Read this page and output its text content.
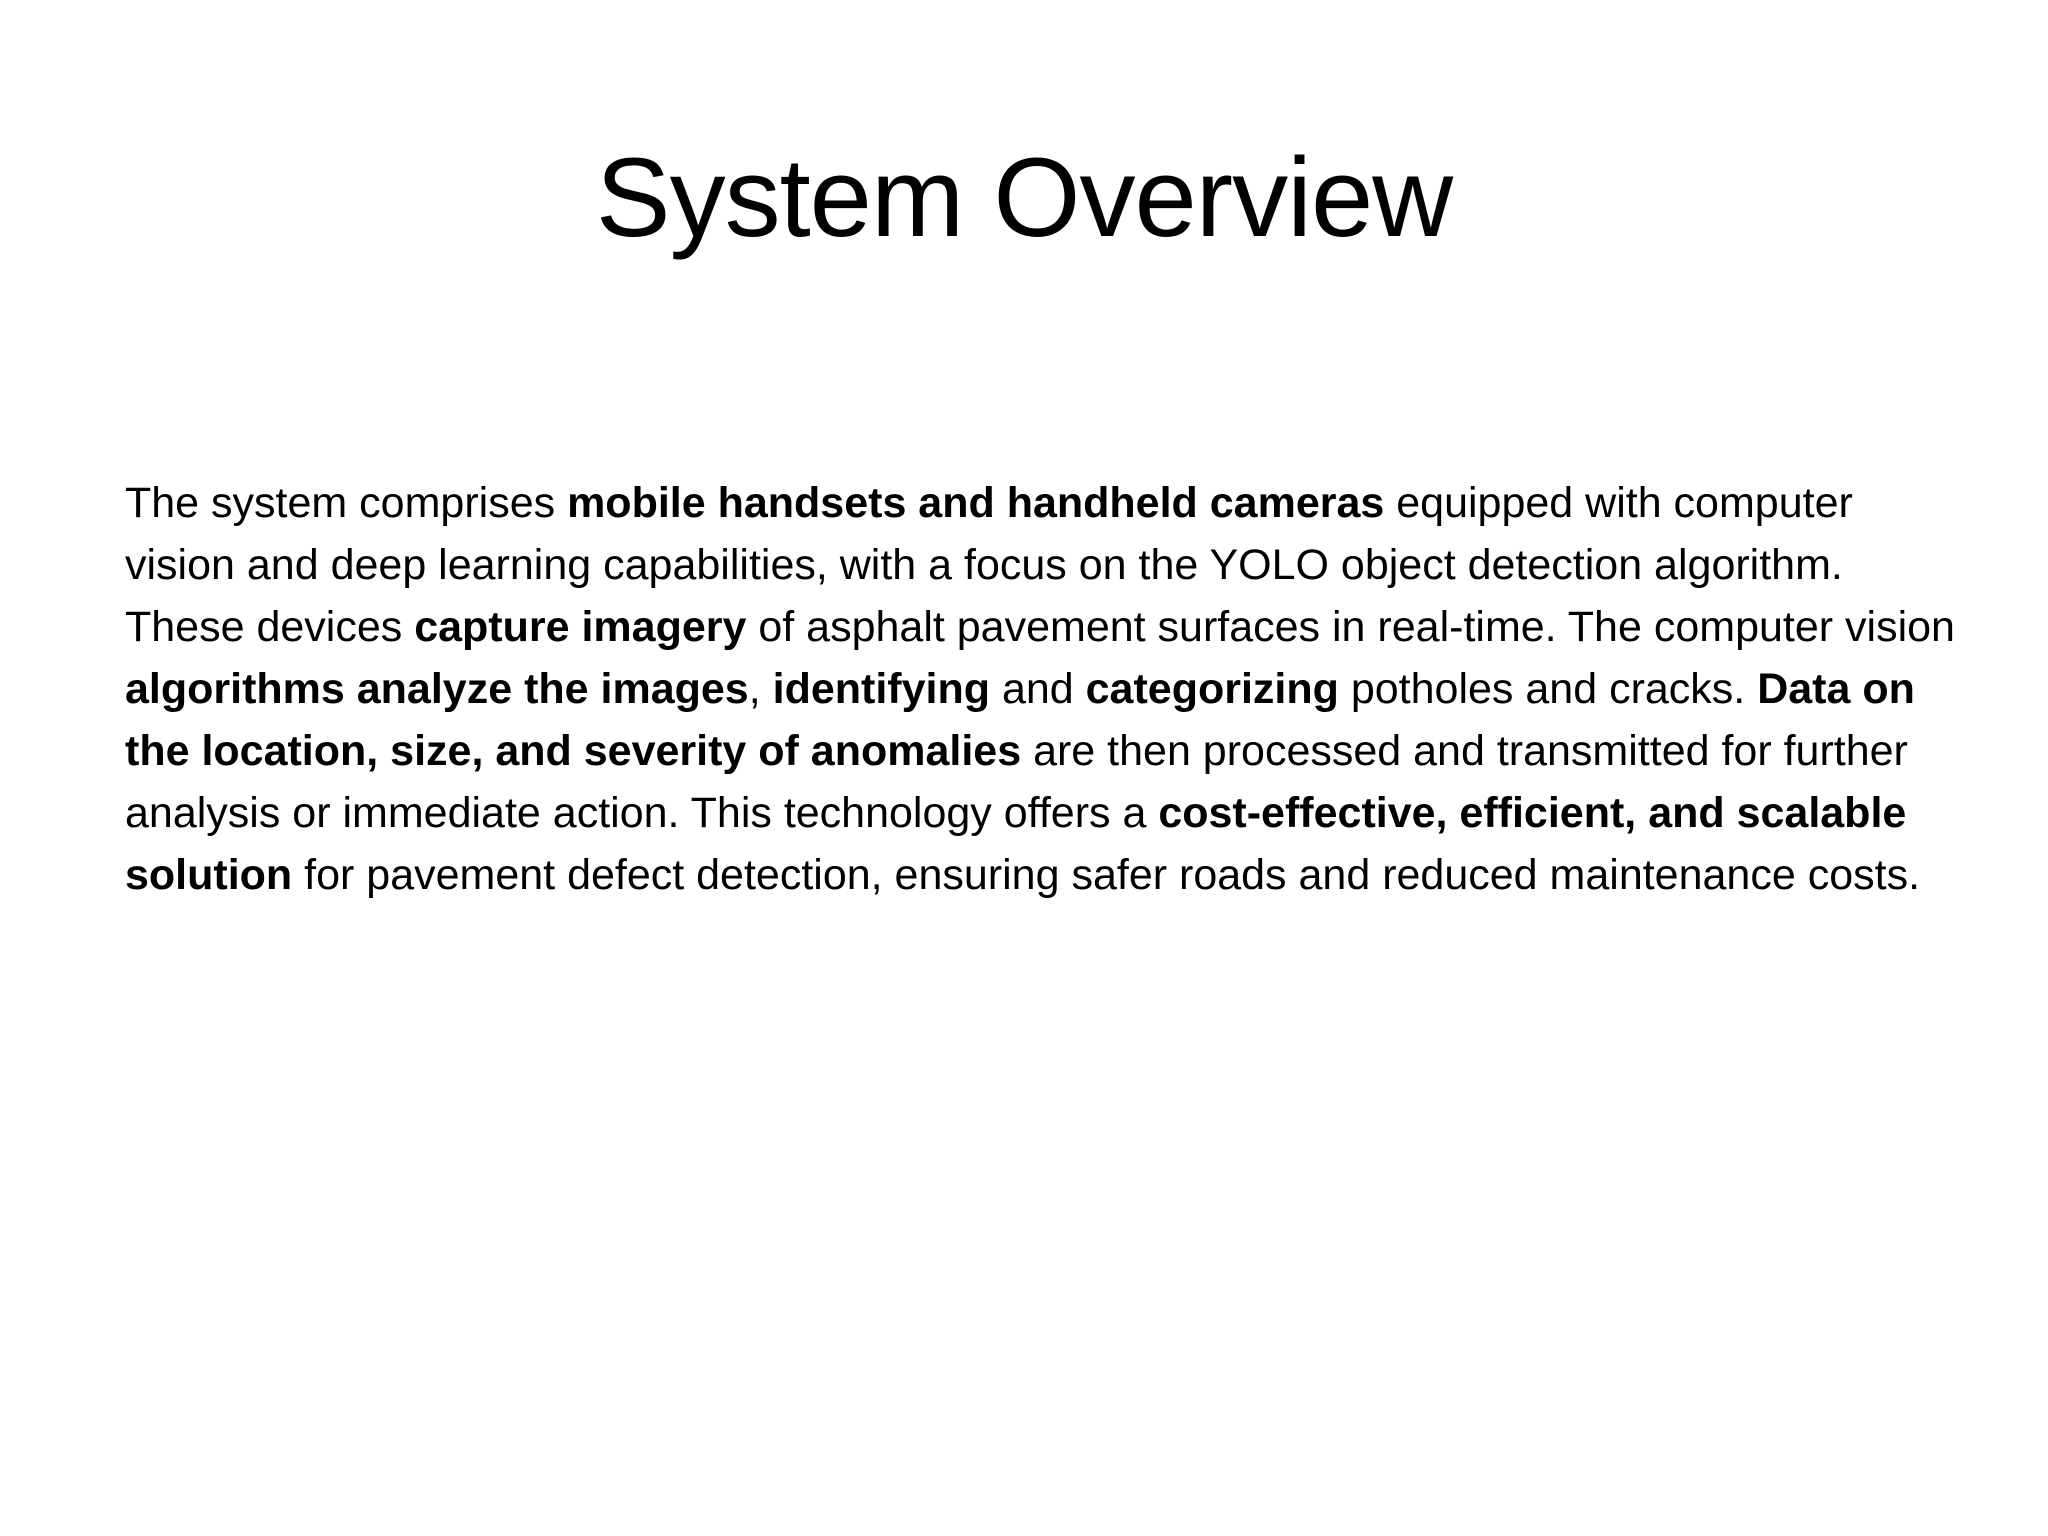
System Overview

The system comprises mobile handsets and handheld cameras equipped with computer vision and deep learning capabilities, with a focus on the YOLO object detection algorithm. These devices capture imagery of asphalt pavement surfaces in real-time. The computer vision algorithms analyze the images, identifying and categorizing potholes and cracks. Data on the location, size, and severity of anomalies are then processed and transmitted for further analysis or immediate action. This technology offers a cost-effective, efficient, and scalable solution for pavement defect detection, ensuring safer roads and reduced maintenance costs.
